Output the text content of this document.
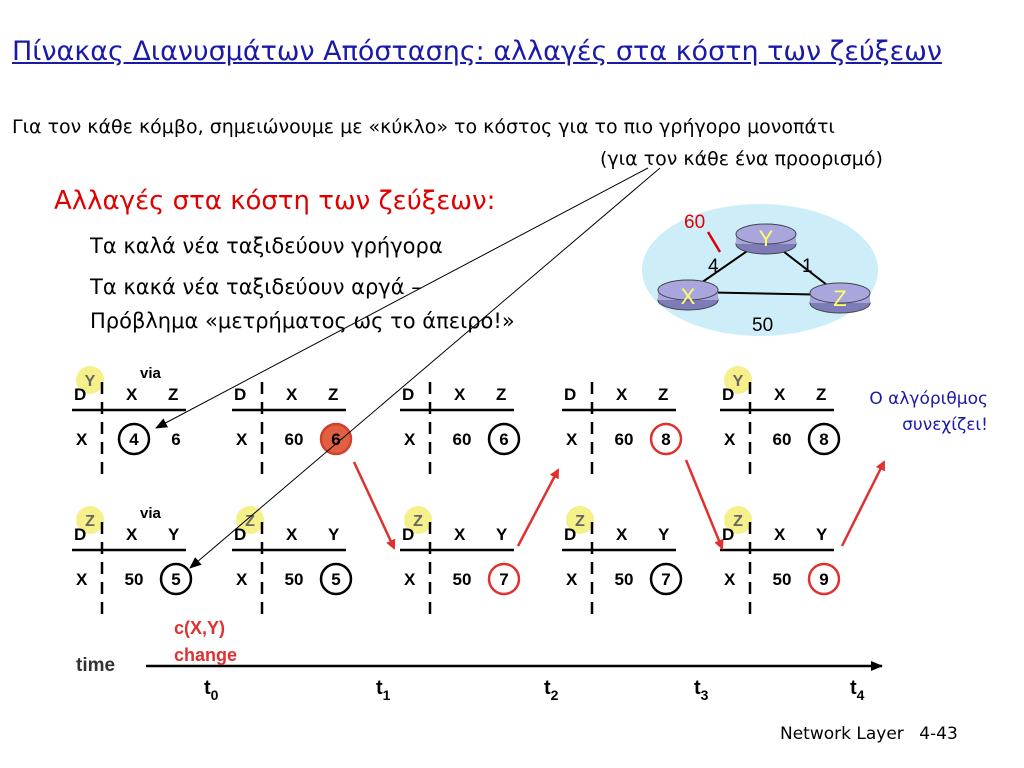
Πίνακας Διανυσμάτων Απόστασης: αλλαγές στα κόστη των ζεύξεων
Για τον κάθε κόμβο, σημειώνουμε με «κύκλο» το κόστος για το πιο γρήγορο μονοπάτι
(για τον κάθε ένα προορισμό)
Αλλαγές στα κόστη των ζεύξεων:
Τα καλά νέα ταξιδεύουν γρήγορα
Τα κακά νέα ταξιδεύουν αργά –
Πρόβλημα «μετρήματος ως το άπειρο!»
Y
X	Z
60
4	1
50
Y	via
D X Z
X 4 6
D X Z
X 60 6
D X Z
X 60 6
D X Z
X 60 8
Y
D X Z
X 60 8
Z	via
D X Y
X 50 5
Z
D X Y
X 50 5
Z
D X Y
X 50 7
Z
D X Y
X 50 7
Z
D X Y
X 50 9
time
c(X,Y)
change
$t_0$	$t_1$	$t_2$	$t_3$	$t_4$
Ο αλγόριθμος
συνεχίζει!
Network Layer 4-43
